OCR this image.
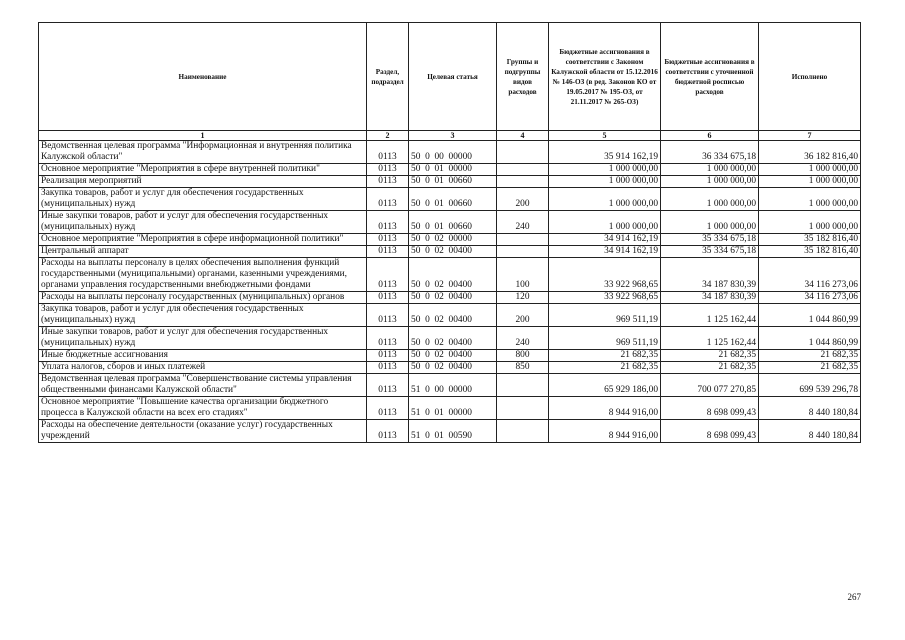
Наименование	Раздел, подраздел	Целевая статья	Группы и подгруппы видов расходов	Бюджетные ассигнования в соответствии с Законом Калужской области от 15.12.2016 № 146-ОЗ (в ред. Законов КО от 19.05.2017 № 195-ОЗ, от 21.11.2017 № 265-ОЗ)	Бюджетные ассигнования в соответствии с уточненной бюджетной росписью расходов	Исполнено
1	2	3	4	5	6	7
Ведомственная целевая программа "Информационная и внутренняя политика Калужской области"	0113	50  0  00  00000		35 914 162,19	36 334 675,18	36 182 816,40
Основное мероприятие "Мероприятия в сфере внутренней политики"	0113	50  0  01  00000		1 000 000,00	1 000 000,00	1 000 000,00
Реализация мероприятий	0113	50  0  01  00660		1 000 000,00	1 000 000,00	1 000 000,00
Закупка товаров, работ и услуг для обеспечения государственных (муниципальных) нужд	0113	50  0  01  00660	200	1 000 000,00	1 000 000,00	1 000 000,00
Иные закупки товаров, работ и услуг для обеспечения государственных (муниципальных) нужд	0113	50  0  01  00660	240	1 000 000,00	1 000 000,00	1 000 000,00
Основное мероприятие "Мероприятия в сфере информационной политики"	0113	50  0  02  00000		34 914 162,19	35 334 675,18	35 182 816,40
Центральный аппарат	0113	50  0  02  00400		34 914 162,19	35 334 675,18	35 182 816,40
Расходы на выплаты персоналу в целях обеспечения выполнения функций государственными (муниципальными) органами, казенными учреждениями, органами управления государственными внебюджетными фондами	0113	50  0  02  00400	100	33 922 968,65	34 187 830,39	34 116 273,06
Расходы на выплаты персоналу государственных (муниципальных) органов	0113	50  0  02  00400	120	33 922 968,65	34 187 830,39	34 116 273,06
Закупка товаров, работ и услуг для обеспечения государственных (муниципальных) нужд	0113	50  0  02  00400	200	969 511,19	1 125 162,44	1 044 860,99
Иные закупки товаров, работ и услуг для обеспечения государственных (муниципальных) нужд	0113	50  0  02  00400	240	969 511,19	1 125 162,44	1 044 860,99
Иные бюджетные ассигнования	0113	50  0  02  00400	800	21 682,35	21 682,35	21 682,35
Уплата налогов, сборов и иных платежей	0113	50  0  02  00400	850	21 682,35	21 682,35	21 682,35
Ведомственная целевая программа "Совершенствование системы управления общественными финансами Калужской области"	0113	51  0  00  00000		65 929 186,00	700 077 270,85	699 539 296,78
Основное мероприятие "Повышение качества организации бюджетного процесса в Калужской области на всех его стадиях"	0113	51  0  01  00000		8 944 916,00	8 698 099,43	8 440 180,84
Расходы на обеспечение деятельности (оказание услуг) государственных учреждений	0113	51  0  01  00590		8 944 916,00	8 698 099,43	8 440 180,84
267
